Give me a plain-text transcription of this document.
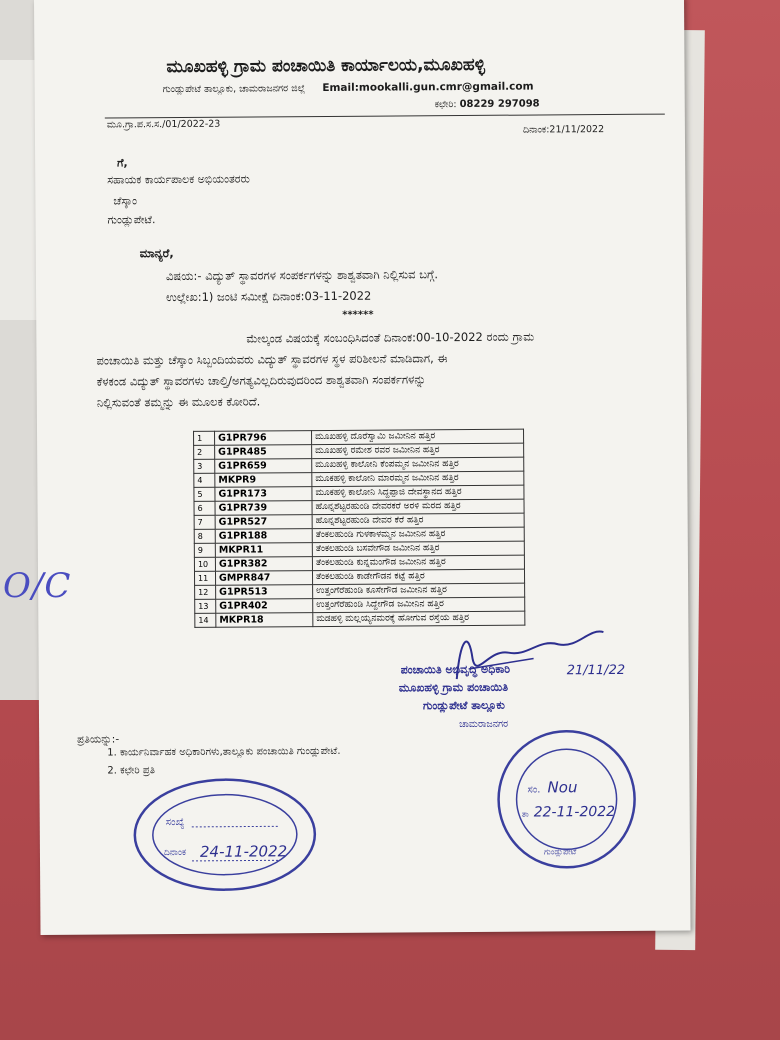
ಮೂಖಹಳ್ಳಿ ಗ್ರಾಮ ಪಂಚಾಯಿತಿ ಕಾರ್ಯಾಲಯ,ಮೂಖಹಳ್ಳಿ
ಗುಂಡ್ಲುಪೇಟೆ ತಾಲ್ಲೂಕು, ಚಾಮರಾಜನಗರ ಜಿಲ್ಲೆ Email:mookalli.gun.cmr@gmail.com
ಕಛೇರಿ: 08229 297098
ಮೂ.ಗ್ರಾ.ಪ.ಸ.ಸ./01/2022-23	ದಿನಾಂಕ:21/11/2022
ಗೆ,
ಸಹಾಯಕ ಕಾರ್ಯಪಾಲಕ ಅಭಿಯಂತರರು
ಚೆಸ್ಕಾಂ
ಗುಂಡ್ಲುಪೇಟೆ.
ಮಾನ್ಯರೆ,
ವಿಷಯ:- ವಿದ್ಯುತ್ ಸ್ಥಾವರಗಳ ಸಂಪರ್ಕಗಳನ್ನು ಶಾಶ್ವತವಾಗಿ ನಿಲ್ಲಿಸುವ ಬಗ್ಗೆ.
ಉಲ್ಲೇಖ:1) ಜಂಟಿ ಸಮೀಕ್ಷೆ ದಿನಾಂಕ:03-11-2022
******

ಮೇಲ್ಕಂಡ ವಿಷಯಕ್ಕೆ ಸಂಬಂಧಿಸಿದಂತೆ ದಿನಾಂಕ:00-10-2022 ರಂದು ಗ್ರಾಮ

ಪಂಚಾಯಿತಿ ಮತ್ತು ಚೆಸ್ಕಾಂ ಸಿಬ್ಬಂದಿಯವರು ವಿದ್ಯುತ್ ಸ್ಥಾವರಗಳ ಸ್ಥಳ ಪರಿಶೀಲನೆ ಮಾಡಿದಾಗ, ಈ

ಕೆಳಕಂಡ ವಿದ್ಯುತ್ ಸ್ಥಾವರಗಳು ಚಾಲ್ತಿ/ಅಗತ್ಯವಿಲ್ಲದಿರುವುದರಿಂದ ಶಾಶ್ವತವಾಗಿ ಸಂಪರ್ಕಗಳನ್ನು

ನಿಲ್ಲಿಸುವಂತೆ ತಮ್ಮನ್ನು ಈ ಮೂಲಕ ಕೋರಿದೆ.

1	G1PR796	ಮೂಖಹಳ್ಳಿ ದೊರೆಸ್ವಾಮಿ ಜಮೀನಿನ ಹತ್ತಿರ
2	G1PR485	ಮೂಖಹಳ್ಳಿ ರಮೇಶ ರವರ ಜಮೀನಿನ ಹತ್ತಿರ
3	G1PR659	ಮೂಖಹಳ್ಳಿ ಕಾಲೋನಿ ಕೆಂಪಮ್ಮನ ಜಮೀನಿನ ಹತ್ತಿರ
4	MKPR9	ಮೂಕಹಳ್ಳಿ ಕಾಲೋನಿ ಮಾರಮ್ಮನ ಜಮೀನಿನ ಹತ್ತಿರ
5	G1PR173	ಮೂಕಹಳ್ಳಿ ಕಾಲೋನಿ ಸಿದ್ದಪ್ಪಾಜಿ ದೇವಸ್ಥಾನದ ಹತ್ತಿರ
6	G1PR739	ಹೊನ್ನಶೆಟ್ಟರಹುಂಡಿ ದೇವರಕರೆ ಅರಳಿ ಮರದ ಹತ್ತಿರ
7	G1PR527	ಹೊನ್ನಶೆಟ್ಟರಹುಂಡಿ ದೇವರ ಕೆರೆ ಹತ್ತಿರ
8	G1PR188	ತೆಂಕಲಹುಂಡಿ ಗುಳಕಾಳಮ್ಮನ ಜಮೀನಿನ ಹತ್ತಿರ
9	MKPR11	ತೆಂಕಲಹುಂಡಿ ಬಸವೇಗೌಡ ಜಮೀನಿನ ಹತ್ತಿರ
10	G1PR382	ತೆಂಕಲಹುಂಡಿ ಕುನ್ನಮಂಗೌಡ ಜಮೀನಿನ ಹತ್ತಿರ
11	GMPR847	ತೆಂಕಲಹುಂಡಿ ಕಾಡೇಗೌಡನ ಕಟ್ಟೆ ಹತ್ತಿರ
12	G1PR513	ಉತ್ತಂಗೆರೆಹುಂಡಿ ಕೂಸೇಗೌಡ ಜಮೀನಿನ ಹತ್ತಿರ
13	G1PR402	ಉತ್ತಂಗೆರೆಹುಂಡಿ ಸಿದ್ದೇಗೌಡ ಜಮೀನಿನ ಹತ್ತಿರ
14	MKPR18	ಮಡಹಳ್ಳಿ ಮಲ್ಲಯ್ಯನಮರಕ್ಕೆ ಹೋಗುವ ರಸ್ತೆಯ ಹತ್ತಿರ
21/11/22
ಪಂಚಾಯಿತಿ ಅಭಿವೃದ್ಧಿ ಅಧಿಕಾರಿ
ಮೂಖಹಳ್ಳಿ ಗ್ರಾಮ ಪಂಚಾಯಿತಿ
ಗುಂಡ್ಲುಪೇಟೆ ತಾಲ್ಲೂಕು
ಚಾಮರಾಜನಗರ
ಪ್ರತಿಯನ್ನು:-
1. ಕಾರ್ಯನಿರ್ವಾಹಕ ಅಧಿಕಾರಿಗಳು,ತಾಲ್ಲೂಕು ಪಂಚಾಯಿತಿ ಗುಂಡ್ಲುಪೇಟೆ.
2. ಕಛೇರಿ ಪ್ರತಿ
ಸಂಖ್ಯೆ
ದಿನಾಂಕ 24-11-2022
ಸಂ. Nou
ತಾ 22-11-2022
ಗುಂಡ್ಲುಪೇಟೆ
O/C
